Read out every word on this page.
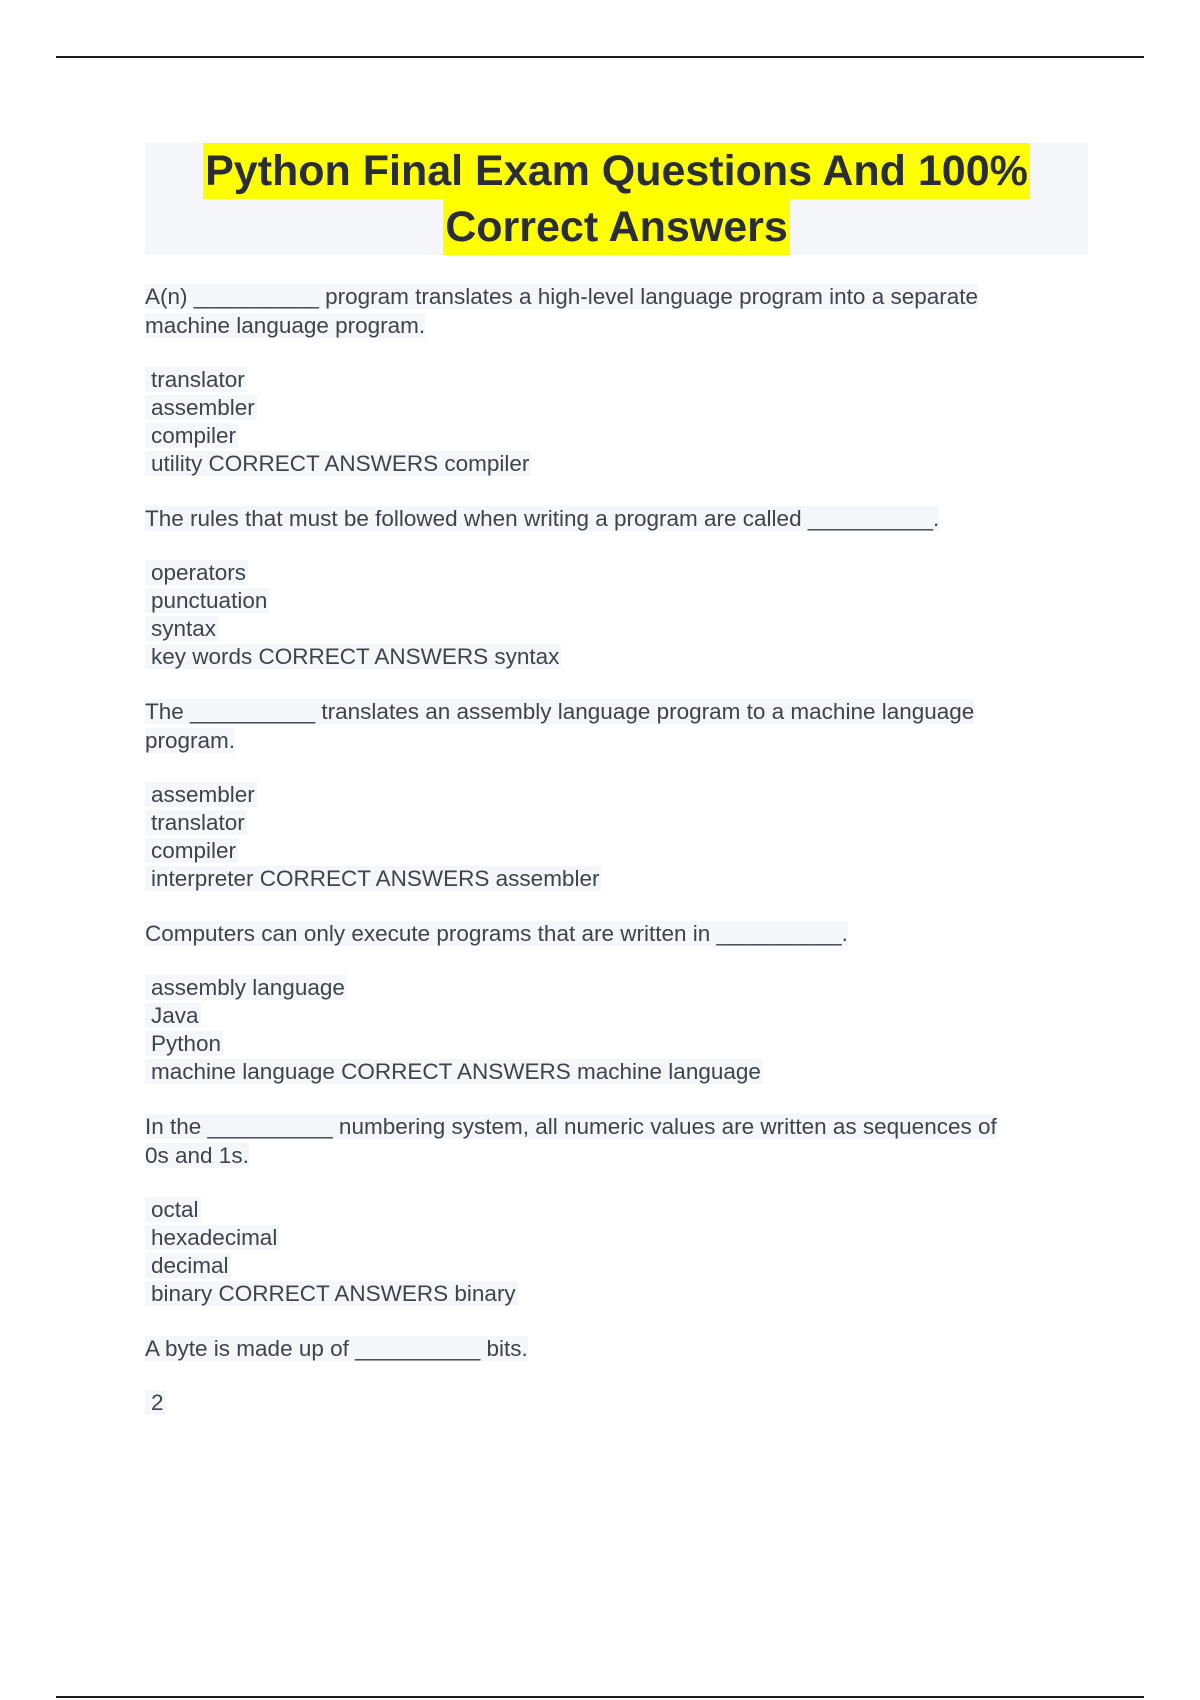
Python Final Exam Questions And 100%
Correct Answers
A(n) __________ program translates a high-level language program into a separate
machine language program.
translator
assembler
compiler
utility CORRECT ANSWERS compiler
The rules that must be followed when writing a program are called __________.
operators
punctuation
syntax
key words CORRECT ANSWERS syntax
The __________ translates an assembly language program to a machine language
program.
assembler
translator
compiler
interpreter CORRECT ANSWERS assembler
Computers can only execute programs that are written in __________.
assembly language
Java
Python
machine language CORRECT ANSWERS machine language
In the __________ numbering system, all numeric values are written as sequences of
0s and 1s.
octal
hexadecimal
decimal
binary CORRECT ANSWERS binary
A byte is made up of __________ bits.
2
